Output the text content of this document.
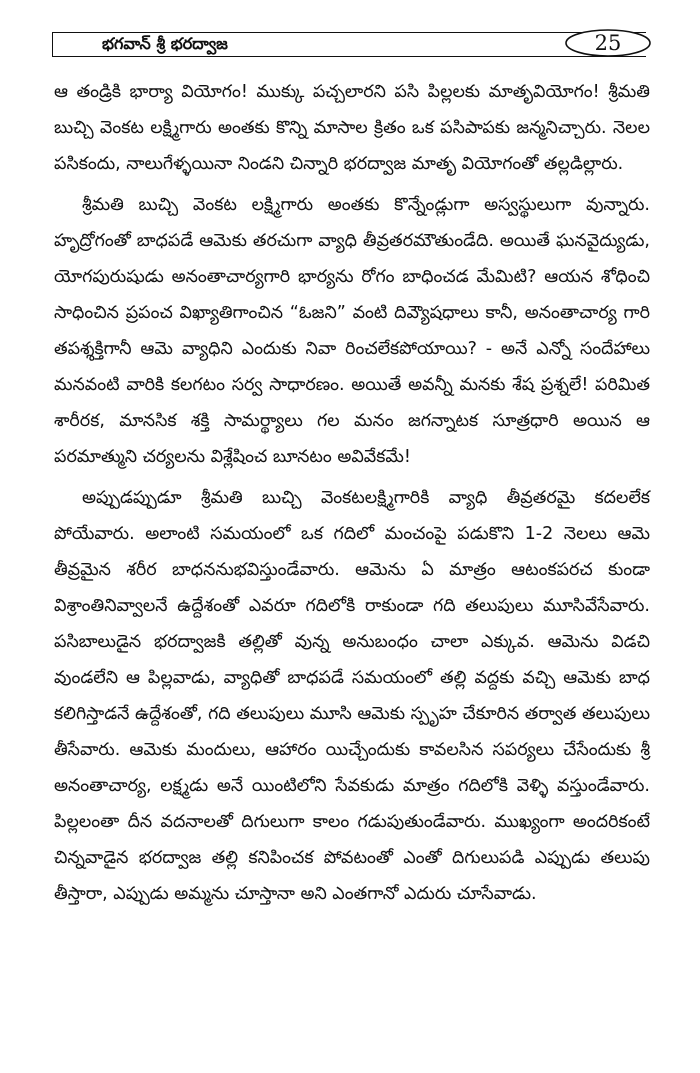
భగవాన్ శ్రీ భరద్వాజ	25

ఆ తండ్రికి భార్యా వియోగం! ముక్కు పచ్చలారని పసి పిల్లలకు మాతృవియోగం! శ్రీమతి బుచ్చి వెంకట లక్ష్మిగారు అంతకు కొన్ని మాసాల క్రితం ఒక పసిపాపకు జన్మనిచ్చారు. నెలల పసికందు, నాలుగేళ్ళయినా నిండని చిన్నారి భరద్వాజ మాతృ వియోగంతో తల్లడిల్లారు.

శ్రీమతి బుచ్చి వెంకట లక్ష్మిగారు అంతకు కొన్నేండ్లుగా అస్వస్థులుగా వున్నారు. హృద్రోగంతో బాధపడే ఆమెకు తరచుగా వ్యాధి తీవ్రతరమౌతుండేది. అయితే ఘనవైద్యుడు, యోగపురుషుడు అనంతాచార్యగారి భార్యను రోగం బాధించడ మేమిటి? ఆయన శోధించి సాధించిన ప్రపంచ విఖ్యాతిగాంచిన “ఓజని” వంటి దివ్యౌషధాలు కానీ, అనంతాచార్య గారి తపశ్శక్తిగానీ ఆమె వ్యాధిని ఎందుకు నివా రించలేకపోయాయి? - అనే ఎన్నో సందేహాలు మనవంటి వారికి కలగటం సర్వ సాధారణం. అయితే అవన్నీ మనకు శేష ప్రశ్నలే! పరిమిత శారీరక, మానసిక శక్తి సామర్థ్యాలు గల మనం జగన్నాటక సూత్రధారి అయిన ఆ పరమాత్ముని చర్యలను విశ్లేషించ బూనటం అవివేకమే!

అప్పుడప్పుడూ శ్రీమతి బుచ్చి వెంకటలక్ష్మిగారికి వ్యాధి తీవ్రతరమై కదలలేక పోయేవారు. అలాంటి సమయంలో ఒక గదిలో మంచంపై పడుకొని 1-2 నెలలు ఆమె తీవ్రమైన శరీర బాధననుభవిస్తుండేవారు. ఆమెను ఏ మాత్రం ఆటంకపరచ కుండా విశ్రాంతినివ్వాలనే ఉద్దేశంతో ఎవరూ గదిలోకి రాకుండా గది తలుపులు మూసివేసేవారు. పసిబాలుడైన భరద్వాజకి తల్లితో వున్న అనుబంధం చాలా ఎక్కువ. ఆమెను విడచి వుండలేని ఆ పిల్లవాడు, వ్యాధితో బాధపడే సమయంలో తల్లి వద్దకు వచ్చి ఆమెకు బాధ కలిగిస్తాడనే ఉద్దేశంతో, గది తలుపులు మూసి ఆమెకు స్పృహ చేకూరిన తర్వాత తలుపులు తీసేవారు. ఆమెకు మందులు, ఆహారం యిచ్చేందుకు కావలసిన సపర్యలు చేసేందుకు శ్రీ అనంతాచార్య, లక్ష్మడు అనే యింటిలోని సేవకుడు మాత్రం గదిలోకి వెళ్ళి వస్తుండేవారు. పిల్లలంతా దీన వదనాలతో దిగులుగా కాలం గడుపుతుండేవారు. ముఖ్యంగా అందరికంటే చిన్నవాడైన భరద్వాజ తల్లి కనిపించక పోవటంతో ఎంతో దిగులుపడి ఎప్పుడు తలుపు తీస్తారా, ఎప్పుడు అమ్మను చూస్తానా అని ఎంతగానో ఎదురు చూసేవాడు.
